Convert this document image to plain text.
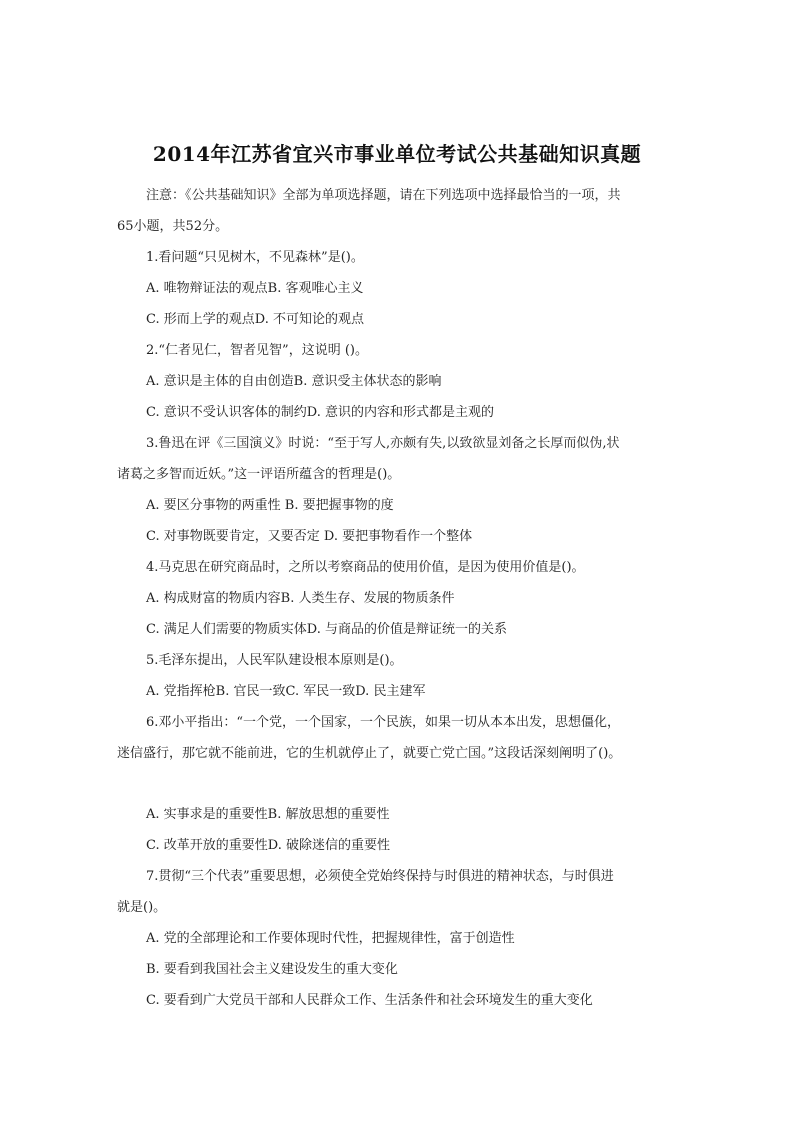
2014年江苏省宜兴市事业单位考试公共基础知识真题
注意：《公共基础知识》全部为单项选择题，请在下列选项中选择最恰当的一项，共
65小题，共52分。
1.看问题“只见树木，不见森林”是()。
A. 唯物辩证法的观点B. 客观唯心主义
C. 形而上学的观点D. 不可知论的观点
2.“仁者见仁，智者见智”，这说明 ()。
A. 意识是主体的自由创造B. 意识受主体状态的影响
C. 意识不受认识客体的制约D. 意识的内容和形式都是主观的
3.鲁迅在评《三国演义》时说：“至于写人,亦颇有失,以致欲显刘备之长厚而似伪,状
诸葛之多智而近妖。”这一评语所蕴含的哲理是()。
A. 要区分事物的两重性 B. 要把握事物的度
C. 对事物既要肯定，又要否定 D. 要把事物看作一个整体
4.马克思在研究商品时，之所以考察商品的使用价值，是因为使用价值是()。
A. 构成财富的物质内容B. 人类生存、发展的物质条件
C. 满足人们需要的物质实体D. 与商品的价值是辩证统一的关系
5.毛泽东提出，人民军队建设根本原则是()。
A. 党指挥枪B. 官民一致C. 军民一致D. 民主建军
6.邓小平指出：“一个党，一个国家，一个民族，如果一切从本本出发，思想僵化，
迷信盛行，那它就不能前进，它的生机就停止了，就要亡党亡国。”这段话深刻阐明了()。
A. 实事求是的重要性B. 解放思想的重要性
C. 改革开放的重要性D. 破除迷信的重要性
7.贯彻“三个代表”重要思想，必须使全党始终保持与时俱进的精神状态，与时俱进
就是()。
A. 党的全部理论和工作要体现时代性，把握规律性，富于创造性
B. 要看到我国社会主义建设发生的重大变化
C. 要看到广大党员干部和人民群众工作、生活条件和社会环境发生的重大变化
